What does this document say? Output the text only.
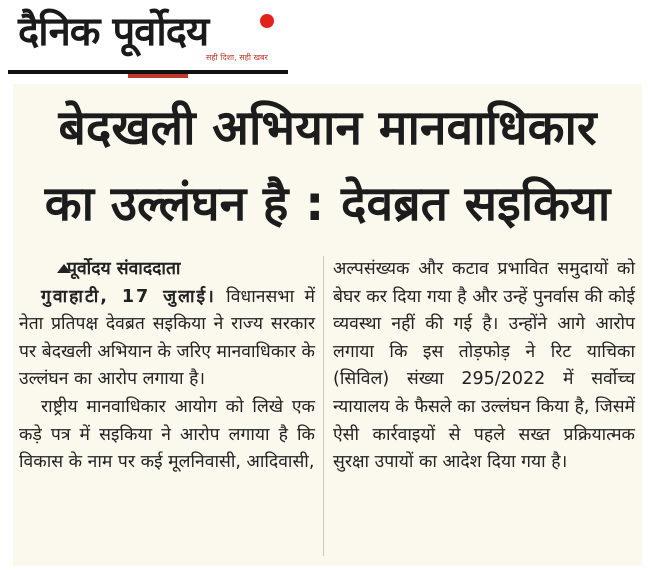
दैनिक पूर्वोदय
सही दिशा, सही खबर
बेदखली अभियान मानवाधिकार
का उल्लंघन है : देवब्रत सइकिया

पूर्वोदय संवाददाता

गुवाहाटी, 17 जुलाई। विधानसभा में नेता प्रतिपक्ष देवब्रत सइकिया ने राज्य सरकार पर बेदखली अभियान के जरिए मानवाधिकार के उल्लंघन का आरोप लगाया है।

राष्ट्रीय मानवाधिकार आयोग को लिखे एक कड़े पत्र में सइकिया ने आरोप लगाया है कि विकास के नाम पर कई मूलनिवासी, आदिवासी,

अल्पसंख्यक और कटाव प्रभावित समुदायों को बेघर कर दिया गया है और उन्हें पुनर्वास की कोई व्यवस्था नहीं की गई है। उन्होंने आगे आरोप लगाया कि इस तोड़फोड़ ने रिट याचिका (सिविल) संख्या 295/2022 में सर्वोच्च न्यायालय के फैसले का उल्लंघन किया है, जिसमें ऐसी कार्रवाइयों से पहले सख्त प्रक्रियात्मक सुरक्षा उपायों का आदेश दिया गया है।
